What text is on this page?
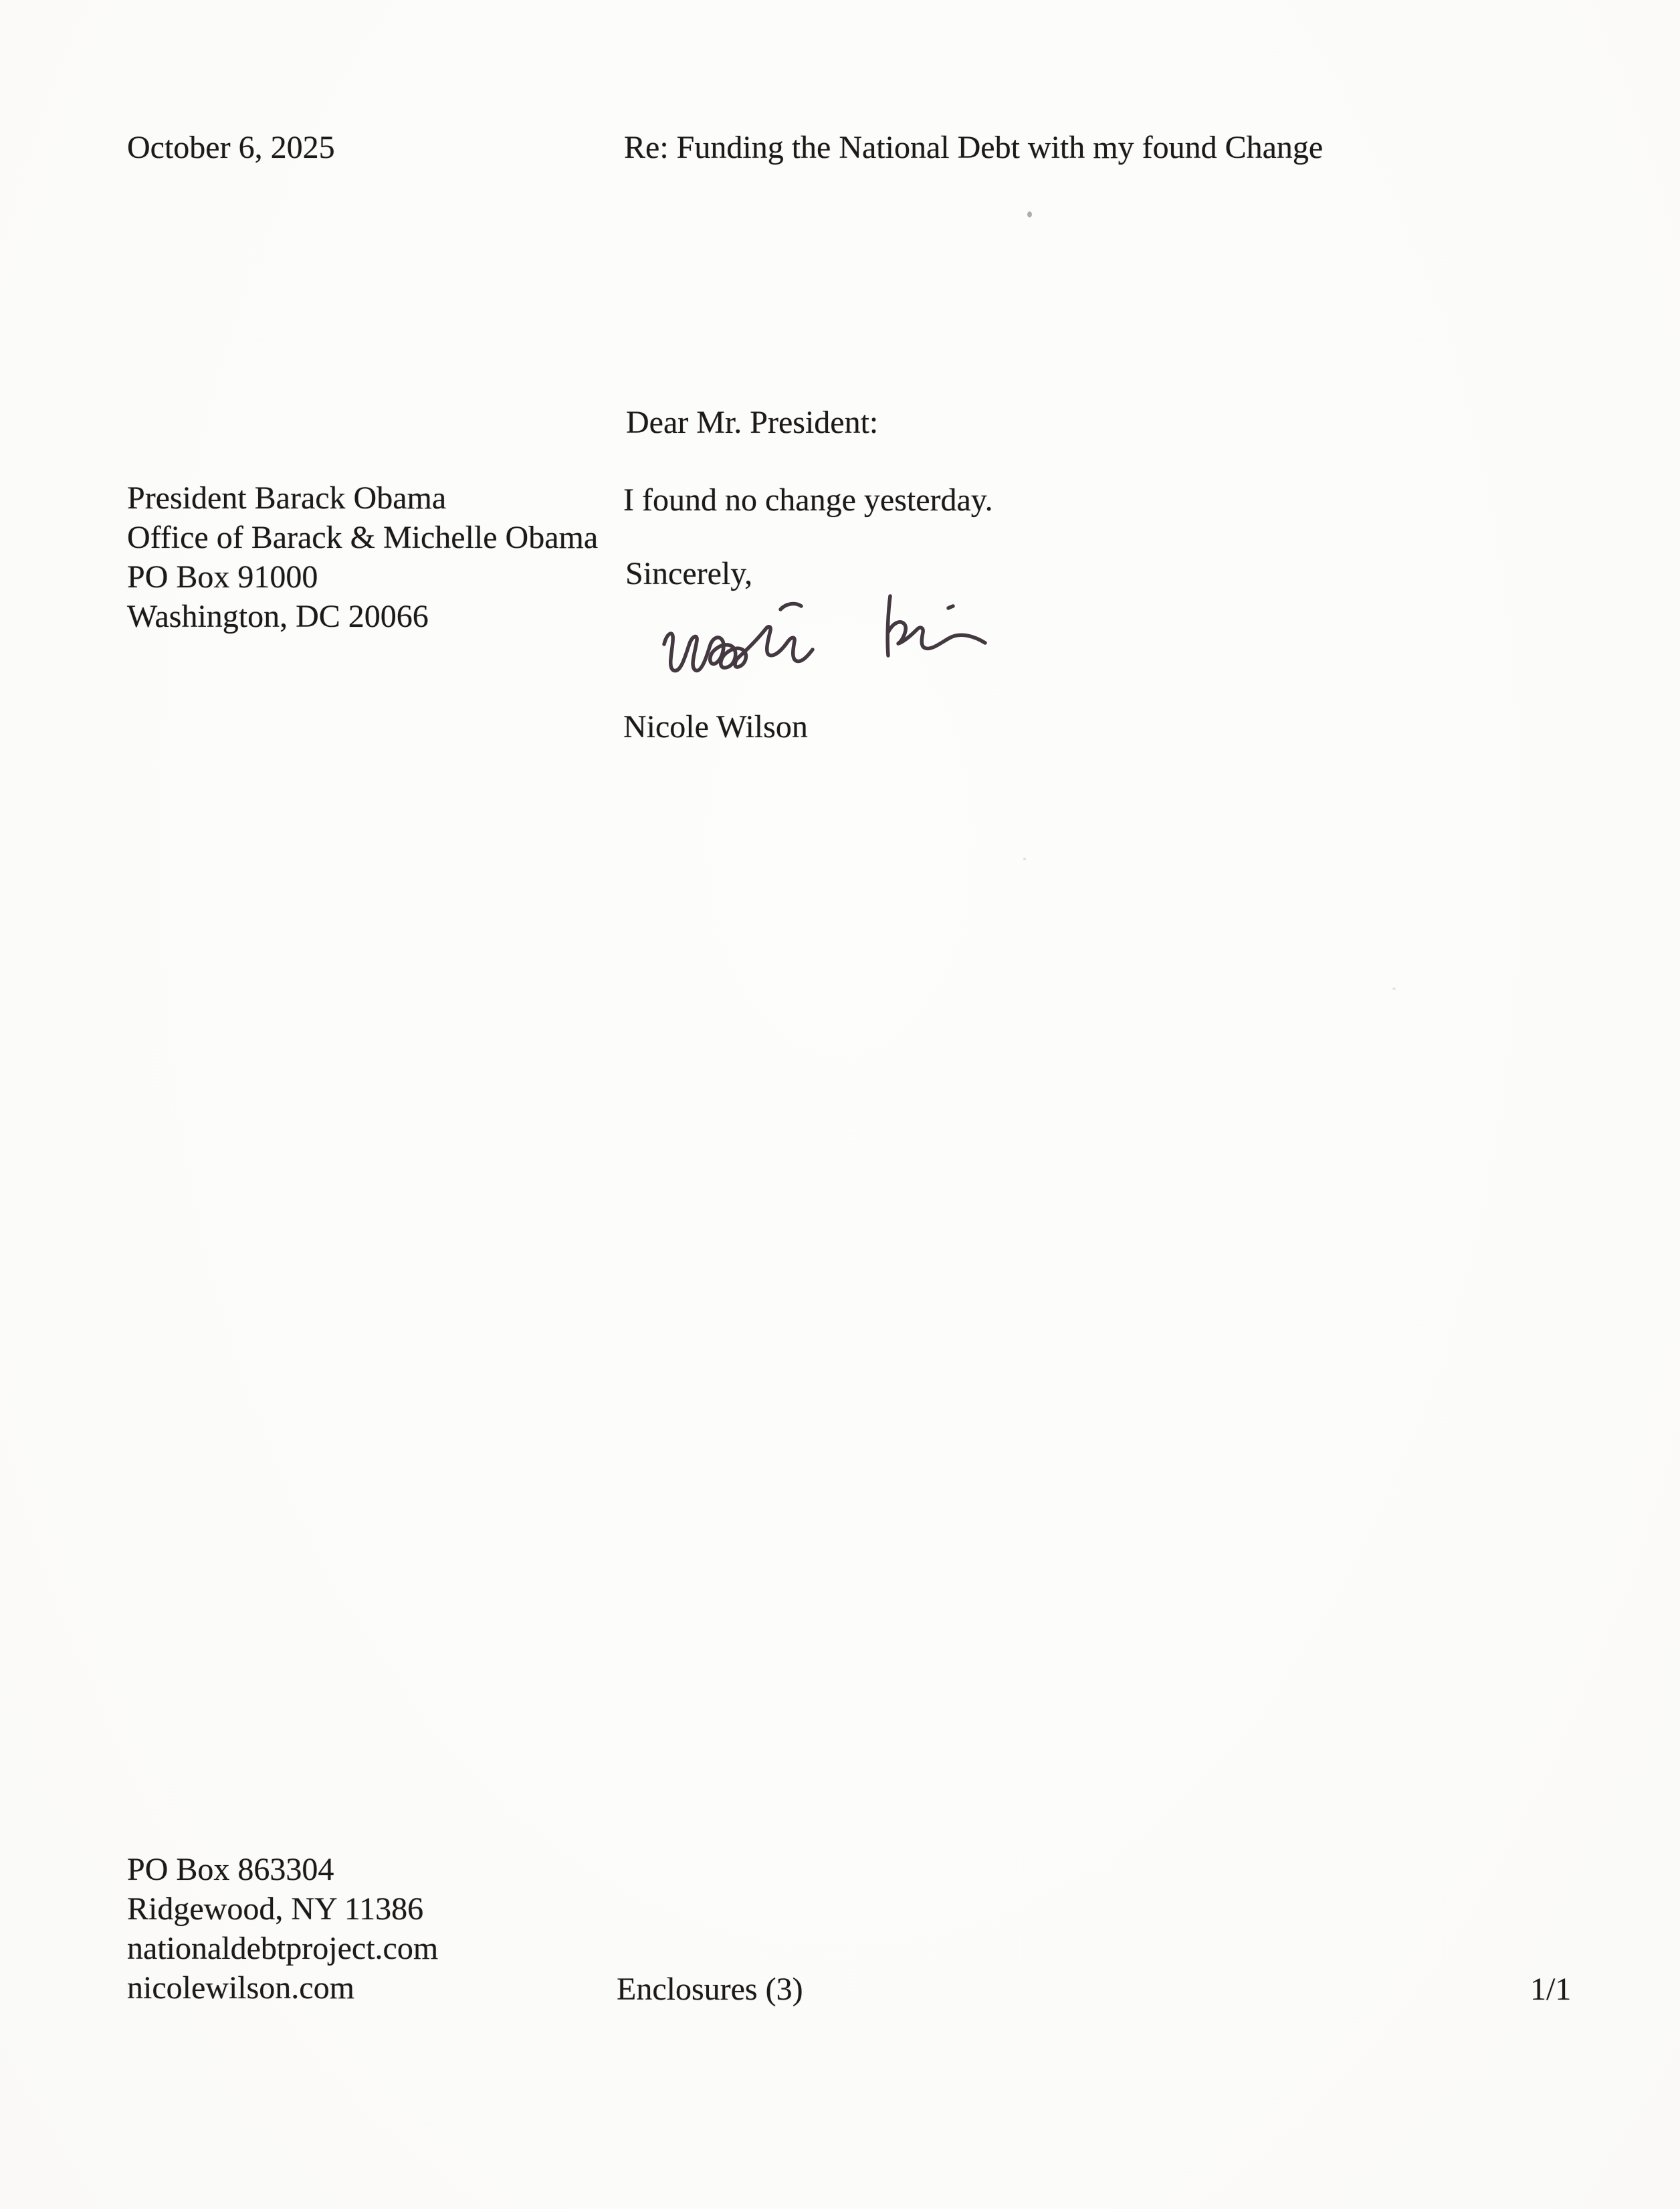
October 6, 2025	Re: Funding the National Debt with my found Change
Dear Mr. President:
President Barack Obama
Office of Barack & Michelle Obama
PO Box 91000
Washington, DC 20066
I found no change yesterday.
Sincerely,
Nicole Wilson
PO Box 863304
Ridgewood, NY 11386
nationaldebtproject.com
nicolewilson.com	Enclosures (3)	1/1
